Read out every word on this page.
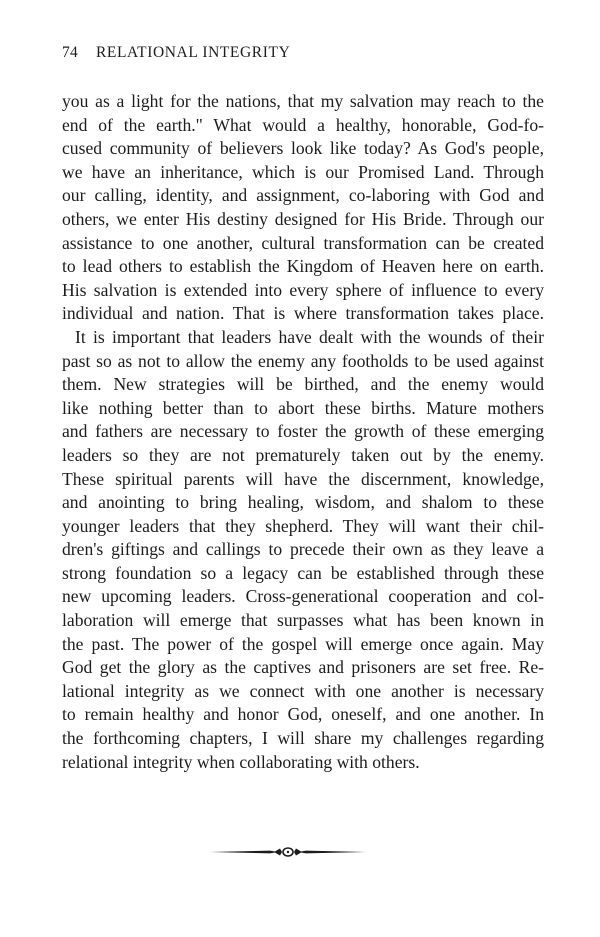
74 RELATIONAL INTEGRITY
you as a light for the nations, that my salvation may reach to the
end of the earth." What would a healthy, honorable, God-fo-
cused community of believers look like today? As God's people,
we have an inheritance, which is our Promised Land. Through
our calling, identity, and assignment, co-laboring with God and
others, we enter His destiny designed for His Bride. Through our
assistance to one another, cultural transformation can be created
to lead others to establish the Kingdom of Heaven here on earth.
His salvation is extended into every sphere of influence to every
individual and nation. That is where transformation takes place.
It is important that leaders have dealt with the wounds of their
past so as not to allow the enemy any footholds to be used against
them. New strategies will be birthed, and the enemy would
like nothing better than to abort these births. Mature mothers
and fathers are necessary to foster the growth of these emerging
leaders so they are not prematurely taken out by the enemy.
These spiritual parents will have the discernment, knowledge,
and anointing to bring healing, wisdom, and shalom to these
younger leaders that they shepherd. They will want their chil-
dren's giftings and callings to precede their own as they leave a
strong foundation so a legacy can be established through these
new upcoming leaders. Cross-generational cooperation and col-
laboration will emerge that surpasses what has been known in
the past. The power of the gospel will emerge once again. May
God get the glory as the captives and prisoners are set free. Re-
lational integrity as we connect with one another is necessary
to remain healthy and honor God, oneself, and one another. In
the forthcoming chapters, I will share my challenges regarding
relational integrity when collaborating with others.
